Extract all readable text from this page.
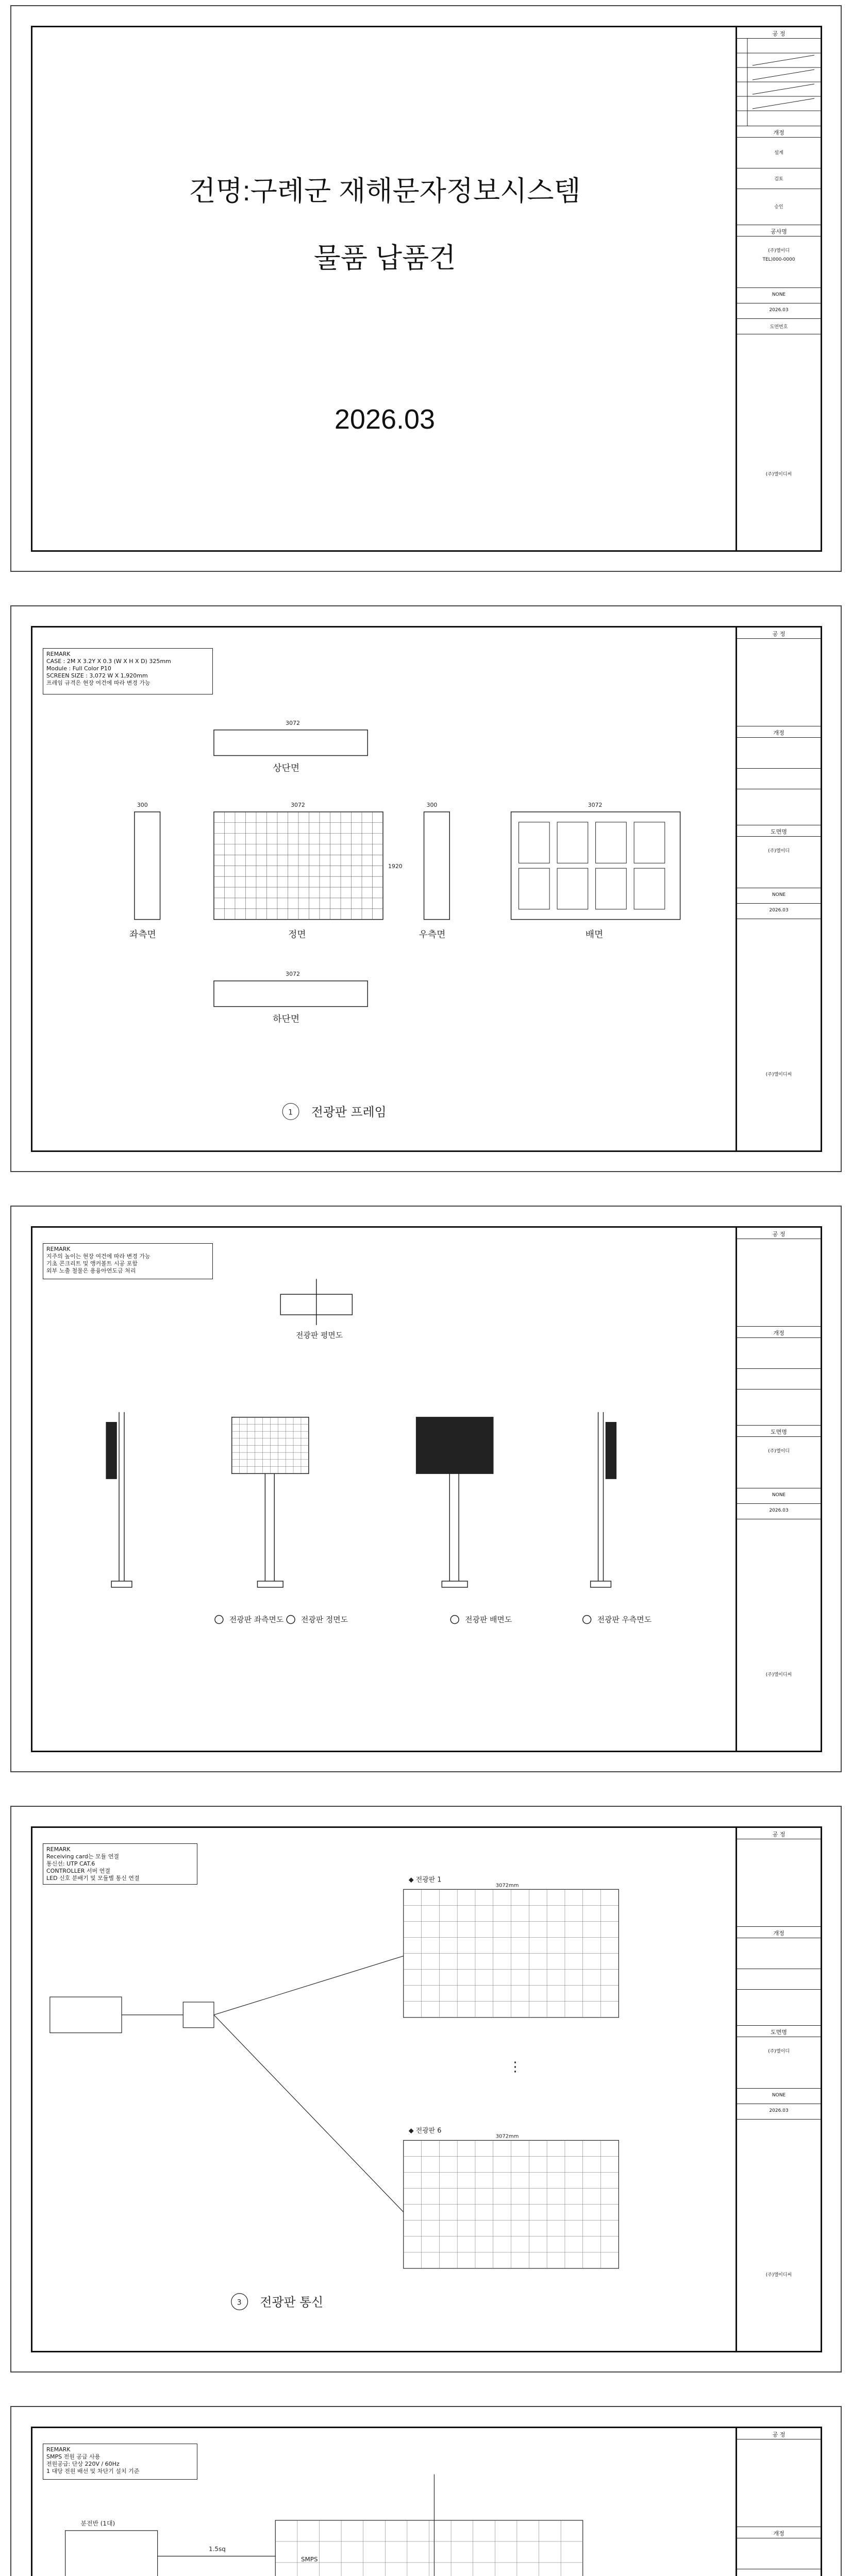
건명:구례군 재해문자정보시스템
물품 납품건
2026.03
공 정
개정
설계
검토
승인
공사명
(주)엘이디
TEL)000-0000
NONE
2026.03
도면번호
(주)엘이디씨
REMARK
CASE : 2M X 3.2Y X 0.3 (W X H X D) 325mm
Module : Full Color P10
SCREEN SIZE : 3,072 W X 1,920mm
프레임 규격은 현장 여건에 따라 변경 가능
3072
3072	3072
3072
300	300
1920
상단면
좌측면	정면	우측면	배면
하단면
1 전광판 프레임
공 정
개정
도면명
(주)엘이디
NONE
2026.03
(주)엘이디씨
REMARK
지주의 높이는 현장 여건에 따라 변경 가능
기초 콘크리트 및 앵커볼트 시공 포함
외부 노출 철물은 용융아연도금 처리
전광판 평면도
전광판 좌측면도 전광판 정면도	전광판 배면도	전광판 우측면도
공 정
개정
도면명
(주)엘이디
NONE
2026.03
(주)엘이디씨
REMARK
Receiving card는 모듈 연결
통신선: UTP CAT.6
CONTROLLER 서버 연결
LED 신호 분배기 및 모듈별 통신 연결	◆ 전광판 1
◆ 전광판 6
3072mm
3072mm
⋮
3 전광판 통신
공 정
개정
도면명
(주)엘이디
NONE
2026.03
(주)엘이디씨
REMARK
SMPS 전원 공급 사용
전원공급: 단상 220V / 60Hz
1 대당 전원 배선 및 차단기 설치 기준
분전반 (1대)
1.5sq
SMPS
공 정
개정
